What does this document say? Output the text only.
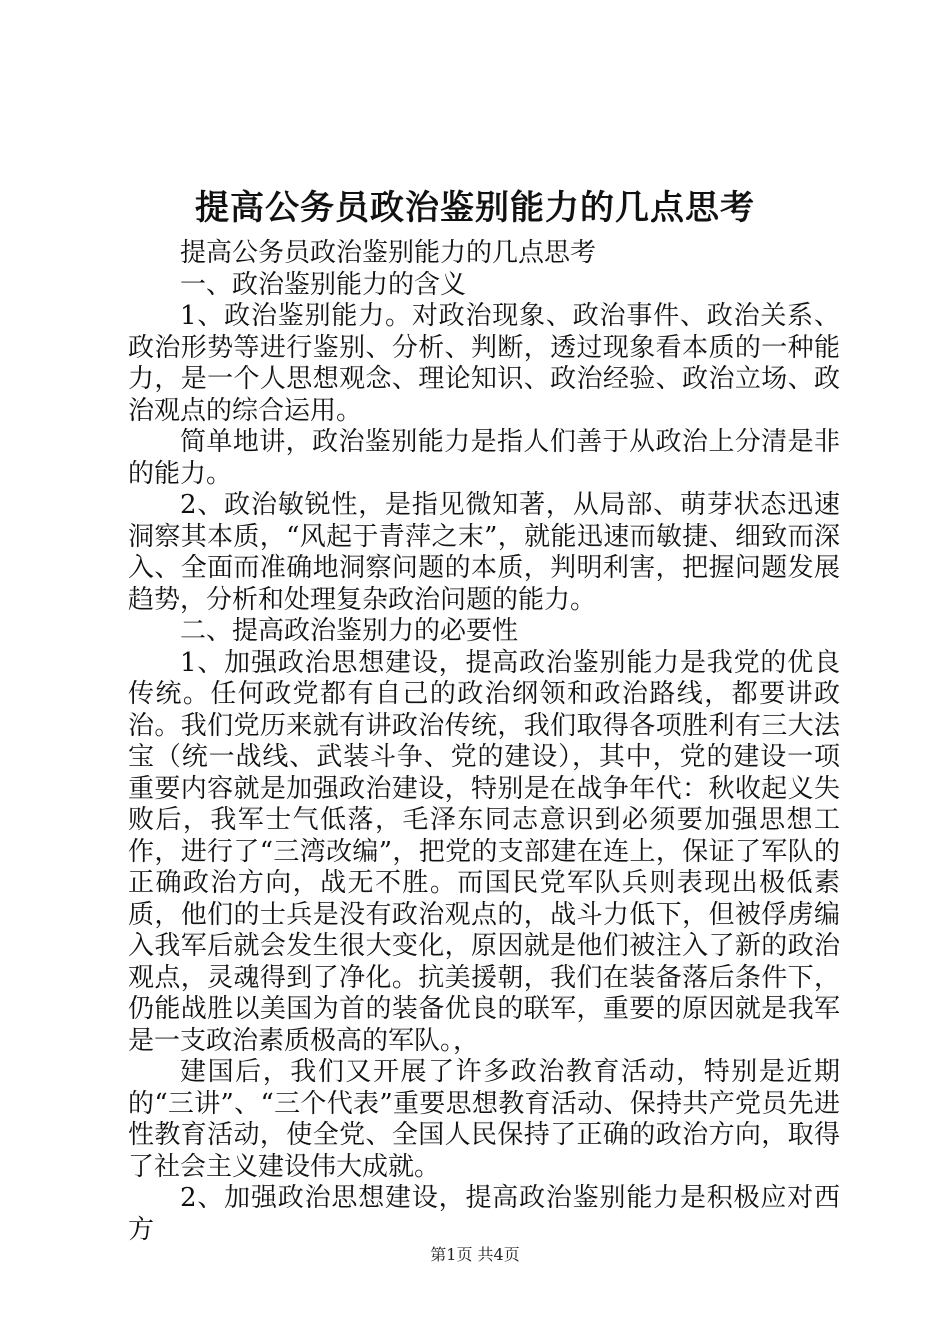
提高公务员政治鉴别能力的几点思考

提高公务员政治鉴别能力的几点思考

一、政治鉴别能力的含义

1、政治鉴别能力。对政治现象、政治事件、政治关系、政治形势等进行鉴别、分析、判断，透过现象看本质的一种能力，是一个人思想观念、理论知识、政治经验、政治立场、政治观点的综合运用。

简单地讲，政治鉴别能力是指人们善于从政治上分清是非的能力。

2、政治敏锐性，是指见微知著，从局部、萌芽状态迅速洞察其本质，“风起于青萍之末”，就能迅速而敏捷、细致而深入、全面而准确地洞察问题的本质，判明利害，把握问题发展趋势，分析和处理复杂政治问题的能力。

二、提高政治鉴别力的必要性

1、加强政治思想建设，提高政治鉴别能力是我党的优良传统。任何政党都有自己的政治纲领和政治路线，都要讲政治。我们党历来就有讲政治传统，我们取得各项胜利有三大法宝（统一战线、武装斗争、党的建设），其中，党的建设一项重要内容就是加强政治建设，特别是在战争年代：秋收起义失败后，我军士气低落，毛泽东同志意识到必须要加强思想工作，进行了“三湾改编”，把党的支部建在连上，保证了军队的正确政治方向，战无不胜。而国民党军队兵则表现出极低素质，他们的士兵是没有政治观点的，战斗力低下，但被俘虏编入我军后就会发生很大变化，原因就是他们被注入了新的政治观点，灵魂得到了净化。抗美援朝，我们在装备落后条件下，仍能战胜以美国为首的装备优良的联军，重要的原因就是我军是一支政治素质极高的军队。，

建国后，我们又开展了许多政治教育活动，特别是近期的“三讲”、“三个代表”重要思想教育活动、保持共产党员先进性教育活动，使全党、全国人民保持了正确的政治方向，取得了社会主义建设伟大成就。

2、加强政治思想建设，提高政治鉴别能力是积极应对西方

第1页 共4页
